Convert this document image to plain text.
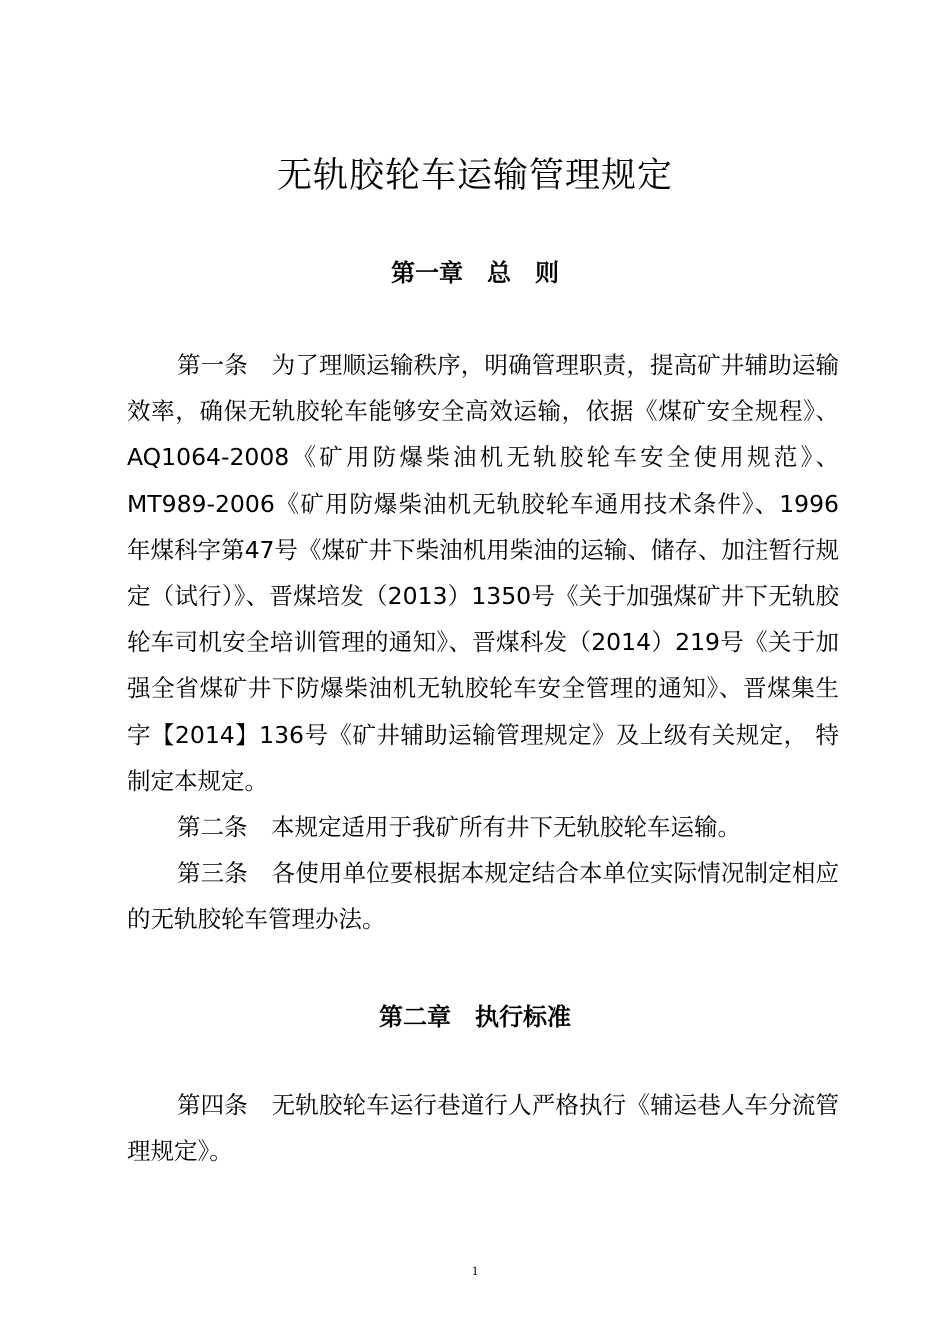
无轨胶轮车运输管理规定
第一章　总　则

第一条　为了理顺运输秩序，明确管理职责，提高矿井辅助运输效率，确保无轨胶轮车能够安全高效运输，依据《煤矿安全规程》、AQ1064-2008《矿用防爆柴油机无轨胶轮车安全使用规范》、MT989-2006《矿用防爆柴油机无轨胶轮车通用技术条件》、1996年煤科字第47号《煤矿井下柴油机用柴油的运输、储存、加注暂行规定（试行）》、晋煤培发（2013）1350号《关于加强煤矿井下无轨胶轮车司机安全培训管理的通知》、晋煤科发（2014）219号《关于加强全省煤矿井下防爆柴油机无轨胶轮车安全管理的通知》、晋煤集生字【2014】136号《矿井辅助运输管理规定》及上级有关规定， 特制定本规定。

第二条　本规定适用于我矿所有井下无轨胶轮车运输。

第三条　各使用单位要根据本规定结合本单位实际情况制定相应的无轨胶轮车管理办法。

第二章　执行标准

第四条　无轨胶轮车运行巷道行人严格执行《辅运巷人车分流管理规定》。

1
